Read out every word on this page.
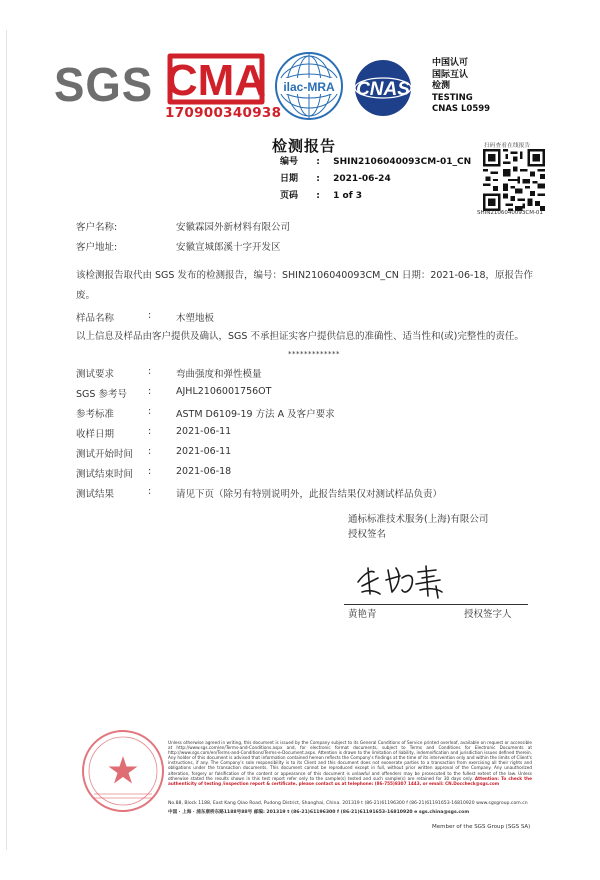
SGS CMA
170900340938
ilac-MRA CNAS
中国认可
国际互认
检测
TESTING
CNAS L0599
检测报告
编号 : SHIN2106040093CM-01_CN
日期 : 2021-06-24
页码 : 1 of 3
扫码查看在线报告
SHIN2106040093CM-01
客户名称:	安徽霖园外新材料有限公司
客户地址:	安徽宣城郎溪十字开发区
该检测报告取代由 SGS 发布的检测报告，编号：SHIN2106040093CM_CN 日期：2021-06-18，原报告作废。
样品名称	:	木塑地板
以上信息及样品由客户提供及确认，SGS 不承担证实客户提供信息的准确性、适当性和(或)完整性的责任。
*************
测试要求	:	弯曲强度和弹性模量
SGS 参考号 :	AJHL2106001756OT
参考标准	:	ASTM D6109-19 方法 A 及客户要求
收样日期	:	2021-06-11
测试开始时间 :	2021-06-11
测试结束时间 :	2021-06-18
测试结果	:	请见下页（除另有特别说明外，此报告结果仅对测试样品负责）
通标标准技术服务(上海)有限公司
授权签名
黄艳青	授权签字人
Unless otherwise agreed in writing, this document is issued by the Company subject to its General Conditions of Service printed overleaf, available on request or accessible at http://www.sgs.com/en/Terms-and-Conditions.aspx and, for electronic format documents, subject to Terms and Conditions for Electronic Documents at http://www.sgs.com/en/Terms-and-Conditions/Terms-e-Document.aspx. Attention is drawn to the limitation of liability, indemnification and jurisdiction issues defined therein. Any holder of this document is advised that information contained hereon reflects the Company's findings at the time of its intervention only and within the limits of Client's instructions, if any. The Company's sole responsibility is to its Client and this document does not exonerate parties to a transaction from exercising all their rights and obligations under the transaction documents. This document cannot be reproduced except in full, without prior written approval of the Company. Any unauthorized alteration, forgery or falsification of the content or appearance of this document is unlawful and offenders may be prosecuted to the fullest extent of the law. Unless otherwise stated the results shown in this test report refer only to the sample(s) tested and such sample(s) are retained for 30 days only. Attention: To check the authenticity of testing /inspection report & certificate, please contact us at telephone: (86-755)8307 1443, or email: CN.Doccheck@sgs.com
No.88, Block 1188, East Kang Qiao Road, Pudong District, Shanghai, China. 201319 t (86-21)61196300 f (86-21)61191653-16810920 www.sgsgroup.com.cn
中国 · 上海 · 浦东康桥东路1188号88号 邮编: 201319 t (86-21)61196300 f (86-21)61191653-16810920 e sgs.china@sgs.com
Member of the SGS Group (SGS SA)
